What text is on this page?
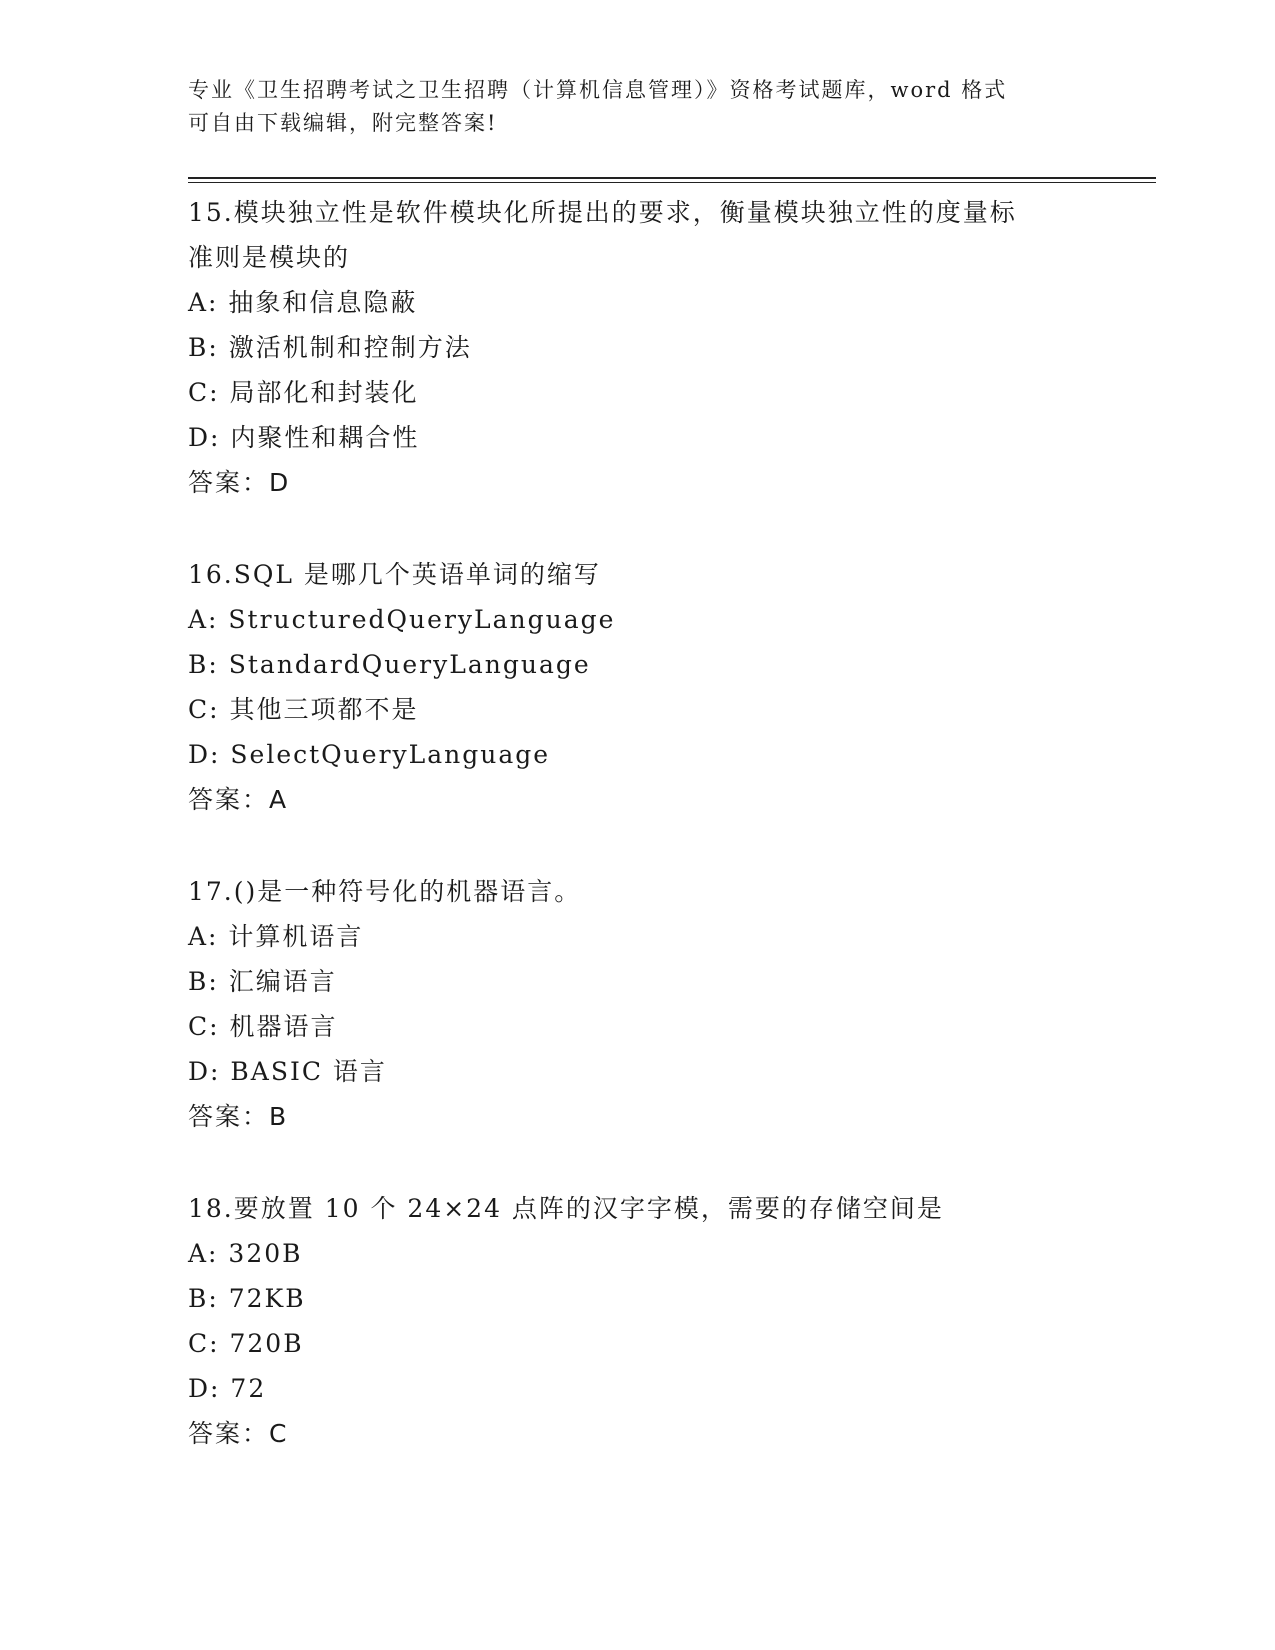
专业《卫生招聘考试之卫生招聘（计算机信息管理）》资格考试题库，word 格式
可自由下载编辑，附完整答案!

15.模块独立性是软件模块化所提出的要求，衡量模块独立性的度量标

准则是模块的

A: 抽象和信息隐蔽

B: 激活机制和控制方法

C: 局部化和封装化

D: 内聚性和耦合性

答案：D

16.SQL 是哪几个英语单词的缩写

A: StructuredQueryLanguage

B: StandardQueryLanguage

C: 其他三项都不是

D: SelectQueryLanguage

答案：A

17.()是一种符号化的机器语言。

A: 计算机语言

B: 汇编语言

C: 机器语言

D: BASIC 语言

答案：B

18.要放置 10 个 24×24 点阵的汉字字模，需要的存储空间是

A: 320B

B: 72KB

C: 720B

D: 72

答案：C
